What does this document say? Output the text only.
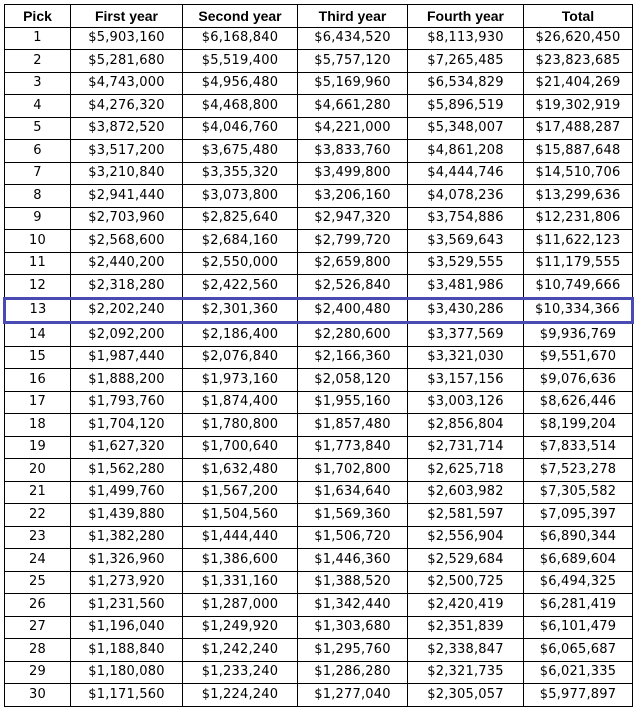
Pick	First year	Second year	Third year	Fourth year	Total
1	$5,903,160	$6,168,840	$6,434,520	$8,113,930	$26,620,450
2	$5,281,680	$5,519,400	$5,757,120	$7,265,485	$23,823,685
3	$4,743,000	$4,956,480	$5,169,960	$6,534,829	$21,404,269
4	$4,276,320	$4,468,800	$4,661,280	$5,896,519	$19,302,919
5	$3,872,520	$4,046,760	$4,221,000	$5,348,007	$17,488,287
6	$3,517,200	$3,675,480	$3,833,760	$4,861,208	$15,887,648
7	$3,210,840	$3,355,320	$3,499,800	$4,444,746	$14,510,706
8	$2,941,440	$3,073,800	$3,206,160	$4,078,236	$13,299,636
9	$2,703,960	$2,825,640	$2,947,320	$3,754,886	$12,231,806
10	$2,568,600	$2,684,160	$2,799,720	$3,569,643	$11,622,123
11	$2,440,200	$2,550,000	$2,659,800	$3,529,555	$11,179,555
12	$2,318,280	$2,422,560	$2,526,840	$3,481,986	$10,749,666
13	$2,202,240	$2,301,360	$2,400,480	$3,430,286	$10,334,366
14	$2,092,200	$2,186,400	$2,280,600	$3,377,569	$9,936,769
15	$1,987,440	$2,076,840	$2,166,360	$3,321,030	$9,551,670
16	$1,888,200	$1,973,160	$2,058,120	$3,157,156	$9,076,636
17	$1,793,760	$1,874,400	$1,955,160	$3,003,126	$8,626,446
18	$1,704,120	$1,780,800	$1,857,480	$2,856,804	$8,199,204
19	$1,627,320	$1,700,640	$1,773,840	$2,731,714	$7,833,514
20	$1,562,280	$1,632,480	$1,702,800	$2,625,718	$7,523,278
21	$1,499,760	$1,567,200	$1,634,640	$2,603,982	$7,305,582
22	$1,439,880	$1,504,560	$1,569,360	$2,581,597	$7,095,397
23	$1,382,280	$1,444,440	$1,506,720	$2,556,904	$6,890,344
24	$1,326,960	$1,386,600	$1,446,360	$2,529,684	$6,689,604
25	$1,273,920	$1,331,160	$1,388,520	$2,500,725	$6,494,325
26	$1,231,560	$1,287,000	$1,342,440	$2,420,419	$6,281,419
27	$1,196,040	$1,249,920	$1,303,680	$2,351,839	$6,101,479
28	$1,188,840	$1,242,240	$1,295,760	$2,338,847	$6,065,687
29	$1,180,080	$1,233,240	$1,286,280	$2,321,735	$6,021,335
30	$1,171,560	$1,224,240	$1,277,040	$2,305,057	$5,977,897
